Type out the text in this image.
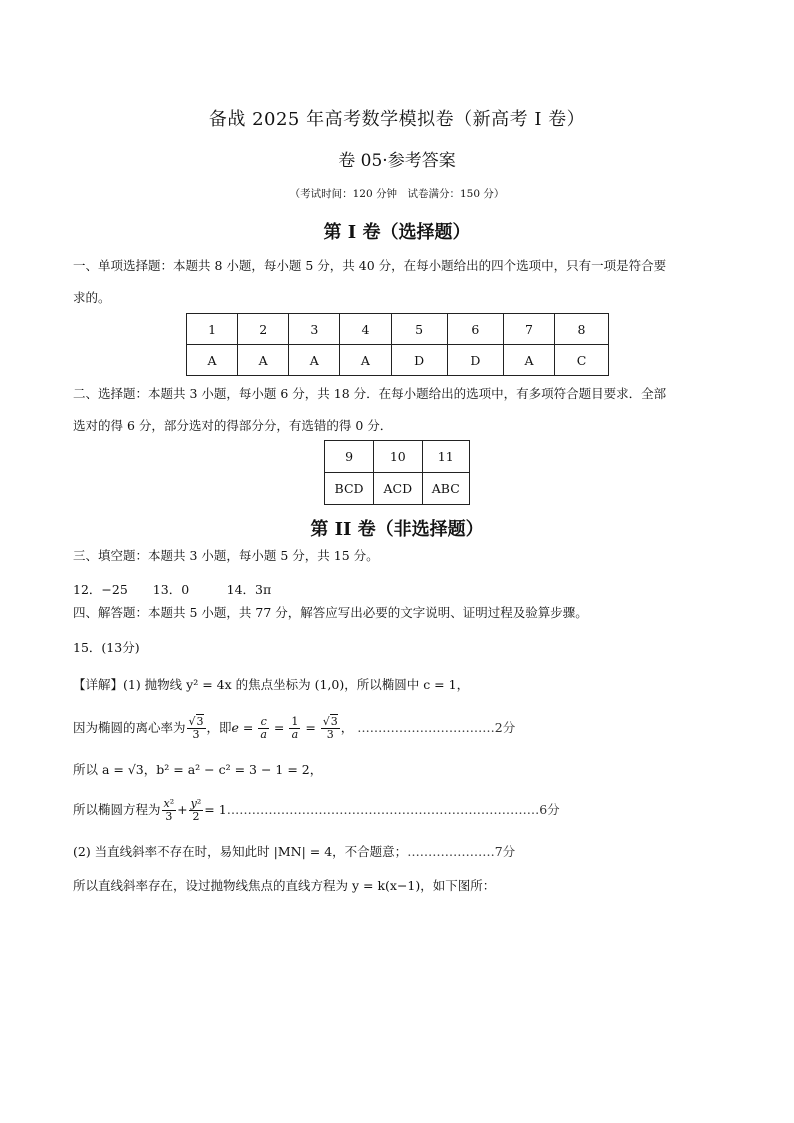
备战 2025 年高考数学模拟卷（新高考 I 卷）
卷 05·参考答案
（考试时间：120 分钟　试卷满分：150 分）
第 I 卷（选择题）
一、单项选择题：本题共 8 小题，每小题 5 分，共 40 分，在每小题给出的四个选项中，只有一项是符合要
求的。
1	2	3	4	5	6	7	8
A	A	A	A	D	D	A	C
二、选择题：本题共 3 小题，每小题 6 分，共 18 分．在每小题给出的选项中，有多项符合题目要求．全部
选对的得 6 分，部分选对的得部分分，有选错的得 0 分．
9	10	11
BCD	ACD	ABC
第 II 卷（非选择题）
三、填空题：本题共 3 小题，每小题 5 分，共 15 分。
12．−25　　13．0　　　14．3π
四、解答题：本题共 5 小题，共 77 分，解答应写出必要的文字说明、证明过程及验算步骤。
15．(13分)
【详解】(1) 抛物线 y² = 4x 的焦点坐标为 (1,0)，所以椭圆中 c = 1，
因为椭圆的离心率为 $\frac{√3}{3}$ ，即$e = \frac{c}{a} = \frac{1}{a} = \frac{√3}{3}$ ， ……………………………2分
所以 a = √3，b² = a² − c² = 3 − 1 = 2，
所以椭圆方程为 $\frac{\text{x²}}{3} + \frac{\text{y²}}{2}$ = 1…………………………………………………………………6分
(2) 当直线斜率不存在时，易知此时 |MN| = 4，不合题意；…………………7分
所以直线斜率存在，设过抛物线焦点的直线方程为 y = k(x−1)，如下图所：
